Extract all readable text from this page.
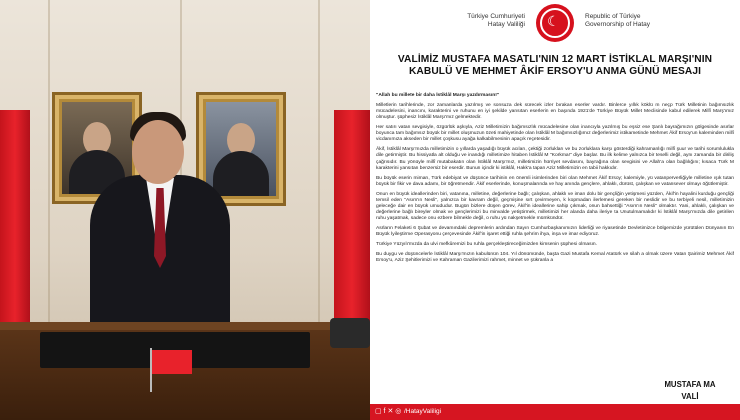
Türkiye Cumhuriyeti
Hatay Valiliği ☾	Republic of Türkiye
Governorship of Hatay
VALİMİZ MUSTAFA MASATLI'NIN 12 MART İSTİKLAL MARŞI'NIN
KABULÜ VE MEHMET ÂKİF ERSOY'U ANMA GÜNÜ MESAJI

"Allah bu millete bir daha İstiklâl Marşı yazdırmasın!"

Milletlerin tarihlerinde, zor zamanlarda yazılmış ve sonsuza dek sürecek izler bırakan eserler vardır. Binlerce yıllık köklü m neçp Türk Milletinin bağımsızlık mücadelesini, inancını, karakterini ve ruhunu en iyi şekilde yansıtan eserlerin en başında 1921'de Türkiye Büyük Millet Meclisinde kabul edilerek Millî Marş'ımız olmuştur. şüphesiz İstiklâl Marşı'mız gelmektedir.

Her satırı vatan sevgisiyle, özgürlük aşkıyla, Aziz Milletimizin bağımsızlık mücadelesine olan inancıyla yazılmış bu eşsiz ese Şanlı bayrağımızın gölgesinde asırlar boyunca tam bağımsız büyük bir millet oluşmuzun özeti mahiyetinde olan İstiklâl M bağımsızlığımız değerlerimiz istikametinde Mehmet Âkif Ersoy'un kaleminden millî vicdanımıza akseden bir millet çoşkusu ayağa kalkabilmesinin apaçık reçetesidir.

Âkif, İstiklâl Marşı'mızda milletimizin o yıllarda yaşadığı büyük acıları, çektiği zorlukları ve bu zorluklara karşı gösterdiği kahramanlığı millî şuur ve tarihi sorumlulukla dile getirmiştir. Bu hissiyatla alt olduğu ve inandığı milletimize hitaben İstiklâl M "Korkma!" diye başlar. Bu ilk kelime yalnızca bir teselli değil, aynı zamanda bir diriliş çağrısıdır. Bu yönüyle millî mutabakatın olan İstiklâl Marşı'mız, milletimizin hürriyet sevdasını, bayrağına olan sevgisini ve Allah'a olan bağlılığını; kısaca Türk M karakterini yansıtan benzersiz bir eserdir. Bunun içindir ki istiklâl, Hakk'a tapan Aziz Milletimizin en tabii hakkıdır.

Bu büyük eserin mimarı, Türk edebiyat ve düşünce tarihinin en önemli isimlerinden biri olan Mehmet Âkif Ersoy; kalemiyle, yü vatanperverliğiyle milletine ışık tutan büyük bir fikir ve dava adamı, bir öğretmendir. Âkif eserlerinde, konuşmalarında ve hay anında gençlere, ahlaklı, dürüst, çalışkan ve vatansever olmayı öğütlemiştir.

Onun en büyük ideallerinden biri, vatanına, milletine, değerlerine bağlı; çalışkan, ahlaklı ve iman dolu bir gençliğin yetişmesi yüzden, Âkif'in hayalini kurduğu gençliği temsil eden "Asım'ın Nesli", yalnızca bir kavram değil, geçmişine sırt çevirmeyen, k kopmadan ilerlemesi gereken bir neslidir ve bu terbiyeli nesil, milletimizin geleceğe dair en büyük umududur. Bugün bizlere düşen görev, Âkif'in ideallerine sahip çıkmak, onun bahsettiği "Asım'ın Nesli" olmaktır. Yani, ahlaklı, çalışkan ve değerlerine bağlı bireyler olmak ve gençlerimizi bu minvalde yetiştirmek, milletimizi her alanda daha ileriye ta Unutulmamalıdır ki İstiklâl Marşı'mızda dile getirilen ruhu yaşatmak, sadece onu ezbere bilmekle değil, o ruhu yü nakşetmekle mümkündür.

Asrların Felaketi 6 Şubat ve devamındaki depremlerin ardından Sayın Cumhurbaşkanımızın liderliği ve riyasetinde Devletimizce bölgemizde yürütülen Dünyanın En Büyük İyileştirme Operasyonu çerçevesinde Âkif'in işaret ettiği ruhla şehrim ihya, inşa ve imar ediyoruz.

Türkiye Yüzyılı'mızda da ulvi mefkûremizi bu ruhla gerçekleştireceğimizden kimsenin şüphesi olmasın.

Bu duygu ve düşüncelerle İstiklâl Marşı'mızın kabulünün 104. Yıl dönümünde, başta Gazi Mustafa Kemal Atatürk ve silah a olmak üzere Vatan Şairimiz Mehmet Âkif Ersoy'u, Aziz Şehitlerimizi ve Kahraman Gazilerimizi rahmet, minnet ve şükranla a

MUSTAFA MA
VALİ
▢ f ✕ ◎ /HatayValiligi
